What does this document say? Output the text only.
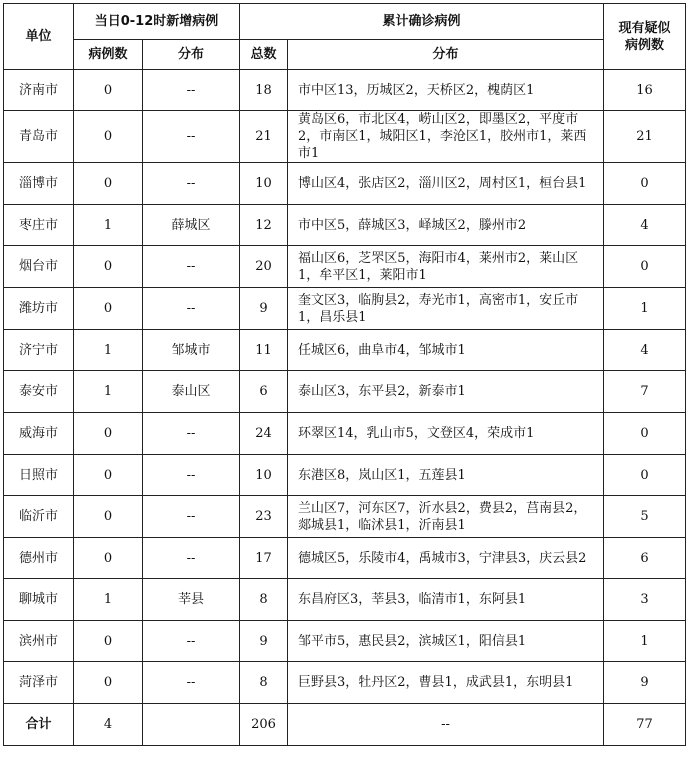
单位	当日0-12时新增病例		累计确诊病例		现有疑似病例数
	病例数	分布	总数	分布	
济南市	0	--	18	市中区13，历城区2，天桥区2，槐荫区1	16
青岛市	0	--	21	黄岛区6，市北区4，崂山区2，即墨区2，平度市2，市南区1，城阳区1，李沧区1，胶州市1，莱西市1	21
淄博市	0	--	10	博山区4，张店区2，淄川区2，周村区1，桓台县1	0
枣庄市	1	薛城区	12	市中区5，薛城区3，峄城区2，滕州市2	4
烟台市	0	--	20	福山区6，芝罘区5，海阳市4，莱州市2，莱山区1，牟平区1，莱阳市1	0
潍坊市	0	--	9	奎文区3，临朐县2，寿光市1，高密市1，安丘市1，昌乐县1	1
济宁市	1	邹城市	11	任城区6，曲阜市4，邹城市1	4
泰安市	1	泰山区	6	泰山区3，东平县2，新泰市1	7
威海市	0	--	24	环翠区14，乳山市5，文登区4，荣成市1	0
日照市	0	--	10	东港区8，岚山区1，五莲县1	0
临沂市	0	--	23	兰山区7，河东区7，沂水县2，费县2，莒南县2，郯城县1，临沭县1，沂南县1	5
德州市	0	--	17	德城区5，乐陵市4，禹城市3，宁津县3，庆云县2	6
聊城市	1	莘县	8	东昌府区3，莘县3，临清市1，东阿县1	3
滨州市	0	--	9	邹平市5，惠民县2，滨城区1，阳信县1	1
菏泽市	0	--	8	巨野县3，牡丹区2，曹县1，成武县1，东明县1	9
合计	4		206	--	77
